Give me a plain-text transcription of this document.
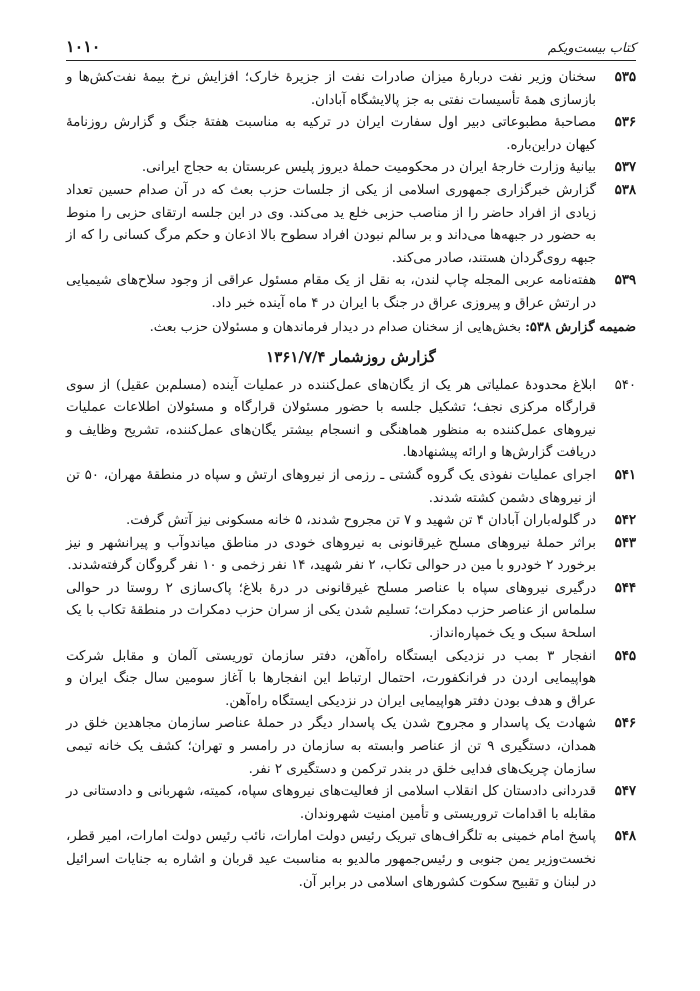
کتاب بیست‌ویکم
۱۰۱۰
۵۳۵
سخنان وزیر نفت دربارهٔ میزان صادرات نفت از جزیرهٔ خارک؛ افزایش نرخ بیمهٔ نفت‌کش‌ها و بازسازی همهٔ تأسیسات نفتی به جز پالایشگاه آبادان.
۵۳۶
مصاحبهٔ مطبوعاتی دبیر اول سفارت ایران در ترکیه به مناسبت هفتهٔ جنگ و گزارش روزنامهٔ کیهان دراین‌باره.
۵۳۷
بیانیهٔ وزارت خارجهٔ ایران در محکومیت حملهٔ دیروز پلیس عربستان به حجاج ایرانی.
۵۳۸
گزارش خبرگزاری جمهوری اسلامی از یکی از جلسات حزب بعث که در آن صدام حسین تعداد زیادی از افراد حاضر را از مناصب حزبی خلع ید می‌کند. وی در این جلسه ارتقای حزبی را منوط به حضور در جبهه‌ها می‌داند و بر سالم نبودن افراد سطوح بالا اذعان و حکم مرگ کسانی را که از جبهه روی‌گردان هستند، صادر می‌کند.
۵۳۹
هفته‌نامه عربی المجله چاپ لندن، به نقل از یک مقام مسئول عراقی از وجود سلاح‌های شیمیایی در ارتش عراق و پیروزی عراق در جنگ با ایران در ۴ ماه آینده خبر داد.
ضمیمه گزارش ۵۳۸: بخش‌هایی از سخنان صدام در دیدار فرماندهان و مسئولان حزب بعث.
گزارش روزشمار ۱۳۶۱/۷/۴
۵۴۰
ابلاغ محدودهٔ عملیاتی هر یک از یگان‌های عمل‌کننده در عملیات آینده (مسلم‌بن عقیل) از سوی قرارگاه مرکزی نجف؛ تشکیل جلسه با حضور مسئولان قرارگاه و مسئولان اطلاعات عملیات نیروهای عمل‌کننده به منظور هماهنگی و انسجام بیشتر یگان‌های عمل‌کننده، تشریح وظایف و دریافت گزارش‌ها و ارائه پیشنهادها.
۵۴۱
اجرای عملیات نفوذی یک گروه گشتی ـ رزمی از نیروهای ارتش و سپاه در منطقهٔ مهران، ۵۰ تن از نیروهای دشمن کشته شدند.
۵۴۲
در گلوله‌باران آبادان ۴ تن شهید و ۷ تن مجروح شدند، ۵ خانه مسکونی نیز آتش گرفت.
۵۴۳
براثر حملهٔ نیروهای مسلح غیرقانونی به نیروهای خودی در مناطق میاندوآب و پیرانشهر و نیز برخورد ۲ خودرو با مین در حوالی تکاب، ۲ نفر شهید، ۱۴ نفر زخمی و ۱۰ نفر گروگان گرفته‌شدند.
۵۴۴
درگیری نیروهای سپاه با عناصر مسلح غیرقانونی در درهٔ بلاغ؛ پاک‌سازی ۲ روستا در حوالی سلماس از عناصر حزب دمکرات؛ تسلیم شدن یکی از سران حزب دمکرات در منطقهٔ تکاب با یک اسلحهٔ سبک و یک خمپاره‌انداز.
۵۴۵
انفجار ۳ بمب در نزدیکی ایستگاه راه‌آهن، دفتر سازمان توریستی آلمان و مقابل شرکت هواپیمایی اردن در فرانکفورت، احتمال ارتباط این انفجارها با آغاز سومین سال جنگ ایران و عراق و هدف بودن دفتر هواپیمایی ایران در نزدیکی ایستگاه راه‌آهن.
۵۴۶
شهادت یک پاسدار و مجروح شدن یک پاسدار دیگر در حملهٔ عناصر سازمان مجاهدین خلق در همدان، دستگیری ۹ تن از عناصر وابسته به سازمان در رامسر و تهران؛ کشف یک خانه تیمی سازمان چریک‌های فدایی خلق در بندر ترکمن و دستگیری ۲ نفر.
۵۴۷
قدردانی دادستان کل انقلاب اسلامی از فعالیت‌های نیروهای سپاه، کمیته، شهربانی و دادستانی در مقابله با اقدامات تروریستی و تأمین امنیت شهروندان.
۵۴۸
پاسخ امام خمینی به تلگراف‌های تبریک رئیس دولت امارات، نائب رئیس دولت امارات، امیر قطر، نخست‌وزیر یمن جنوبی و رئیس‌جمهور مالدیو به مناسبت عید قربان و اشاره به جنایات اسرائیل در لبنان و تقبیح سکوت کشورهای اسلامی در برابر آن.
